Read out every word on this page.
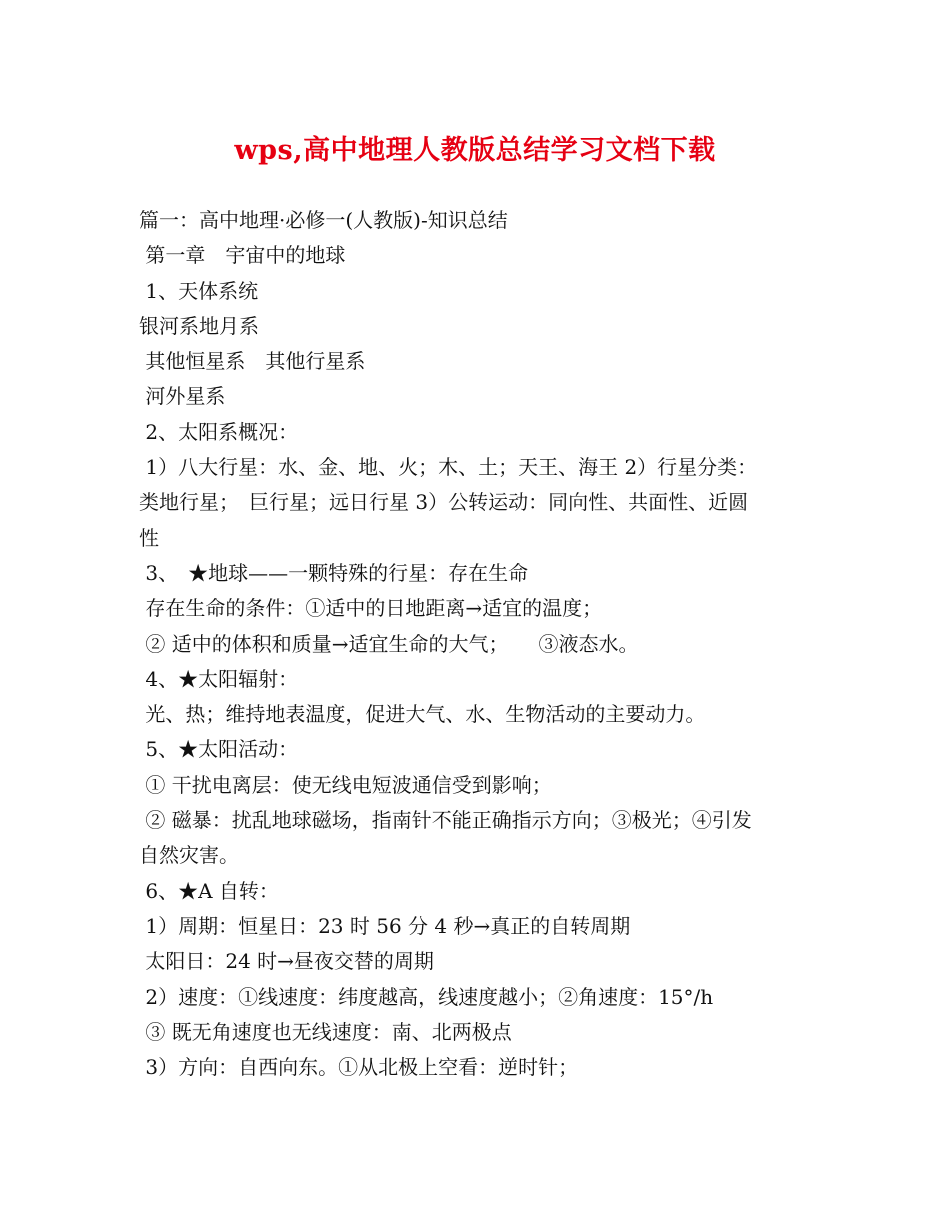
wps,高中地理人教版总结学习文档下载
篇一：高中地理·必修一(人教版)-知识总结
第一章　宇宙中的地球
1、天体系统
银河系地月系
其他恒星系　其他行星系
河外星系
2、太阳系概况：
1）八大行星：水、金、地、火；木、土；天王、海王 2）行星分类：
类地行星；　巨行星；远日行星 3）公转运动：同向性、共面性、近圆
性
3、　★地球——一颗特殊的行星：存在生命
存在生命的条件：①适中的日地距离→适宜的温度；
② 适中的体积和质量→适宜生命的大气；　　③液态水。
4、★太阳辐射：
光、热；维持地表温度，促进大气、水、生物活动的主要动力。
5、★太阳活动：
① 干扰电离层：使无线电短波通信受到影响；
② 磁暴：扰乱地球磁场，指南针不能正确指示方向；③极光；④引发
自然灾害。
6、★A 自转：
1）周期：恒星日：23 时 56 分 4 秒→真正的自转周期
太阳日：24 时→昼夜交替的周期
2）速度：①线速度：纬度越高，线速度越小；②角速度：15°/h
③ 既无角速度也无线速度：南、北两极点
3）方向：自西向东。①从北极上空看：逆时针；
